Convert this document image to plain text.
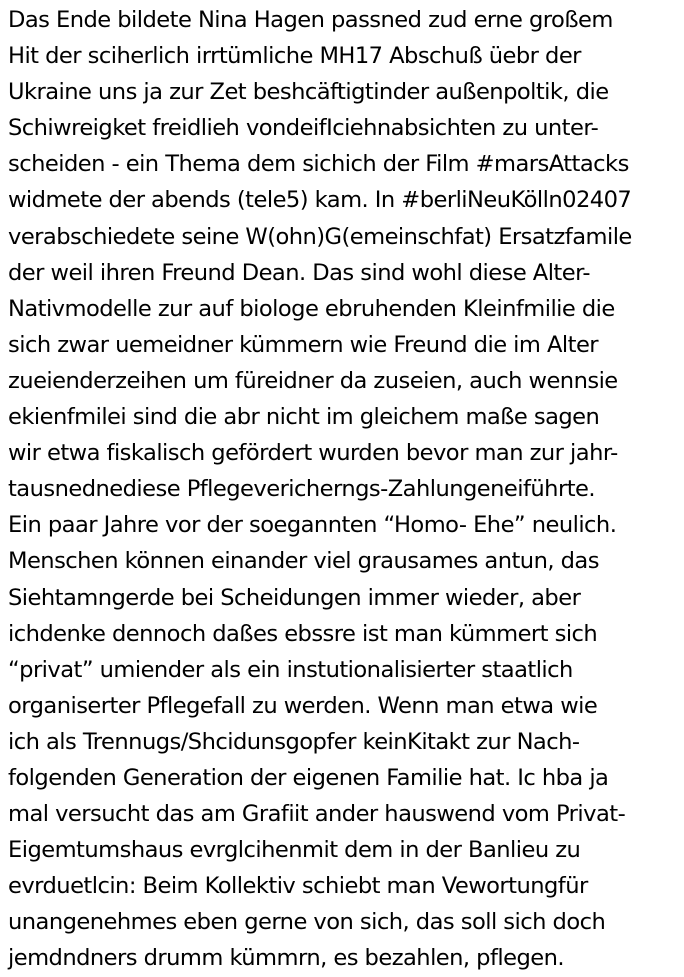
Das Ende bildete Nina Hagen passned zud erne großem
Hit der sciherlich irrtümliche MH17 Abschuß üebr der
Ukraine uns ja zur Zet beshcäftigtinder außenpoltik, die
Schiwreigket freidlieh vondeifIciehnabsichten zu unter-
scheiden - ein Thema dem sichich der Film #marsAttacks
widmete der abends (tele5) kam. In #berliNeuKölln02407
verabschiedete seine W(ohn)G(emeinschfat) Ersatzfamile
der weil ihren Freund Dean. Das sind wohl diese Alter-
Nativmodelle zur auf biologe ebruhenden Kleinfmilie die
sich zwar uemeidner kümmern wie Freund die im Alter
zueienderzeihen um füreidner da zuseien, auch wennsie
ekienfmilei sind die abr nicht im gleichem maße sagen
wir etwa fiskalisch gefördert wurden bevor man zur jahr-
tausnednediese Pflegevericherngs-Zahlungeneiführte.
Ein paar Jahre vor der soegannten “Homo- Ehe” neulich.
Menschen können einander viel grausames antun, das
Siehtamngerde bei Scheidungen immer wieder, aber
ichdenke dennoch daßes ebssre ist man kümmert sich
“privat” umiender als ein instutionalisierter staatlich
organiserter Pflegefall zu werden. Wenn man etwa wie
ich als Trennugs/Shcidunsgopfer keinKitakt zur Nach-
folgenden Generation der eigenen Familie hat. Ic hba ja
mal versucht das am Grafiit ander hauswend vom Privat-
Eigemtumshaus evrglcihenmit dem in der Banlieu zu
evrduetlcin: Beim Kollektiv schiebt man Vewortungfür
unangenehmes eben gerne von sich, das soll sich doch
jemdndners drumm kümmrn, es bezahlen, pflegen.
